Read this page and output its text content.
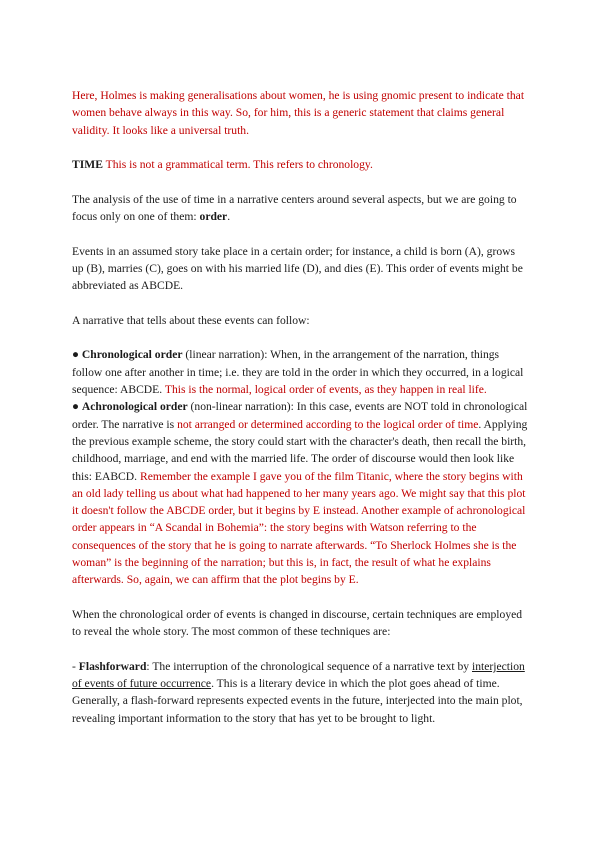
Here, Holmes is making generalisations about women, he is using gnomic present to indicate that women behave always in this way. So, for him, this is a generic statement that claims general validity. It looks like a universal truth.

TIME This is not a grammatical term. This refers to chronology.

The analysis of the use of time in a narrative centers around several aspects, but we are going to focus only on one of them: order.

Events in an assumed story take place in a certain order; for instance, a child is born (A), grows up (B), marries (C), goes on with his married life (D), and dies (E). This order of events might be abbreviated as ABCDE.

A narrative that tells about these events can follow:

● Chronological order (linear narration): When, in the arrangement of the narration, things follow one after another in time; i.e. they are told in the order in which they occurred, in a logical sequence: ABCDE. This is the normal, logical order of events, as they happen in real life.

● Achronological order (non-linear narration): In this case, events are NOT told in chronological order. The narrative is not arranged or determined according to the logical order of time. Applying the previous example scheme, the story could start with the character's death, then recall the birth, childhood, marriage, and end with the married life. The order of discourse would then look like this: EABCD. Remember the example I gave you of the film Titanic, where the story begins with an old lady telling us about what had happened to her many years ago. We might say that this plot it doesn't follow the ABCDE order, but it begins by E instead. Another example of achronological order appears in “A Scandal in Bohemia”: the story begins with Watson referring to the consequences of the story that he is going to narrate afterwards. “To Sherlock Holmes she is the woman” is the beginning of the narration; but this is, in fact, the result of what he explains afterwards. So, again, we can affirm that the plot begins by E.

When the chronological order of events is changed in discourse, certain techniques are employed to reveal the whole story. The most common of these techniques are:

- Flashforward: The interruption of the chronological sequence of a narrative text by interjection of events of future occurrence. This is a literary device in which the plot goes ahead of time. Generally, a flash-forward represents expected events in the future, interjected into the main plot, revealing important information to the story that has yet to be brought to light.
